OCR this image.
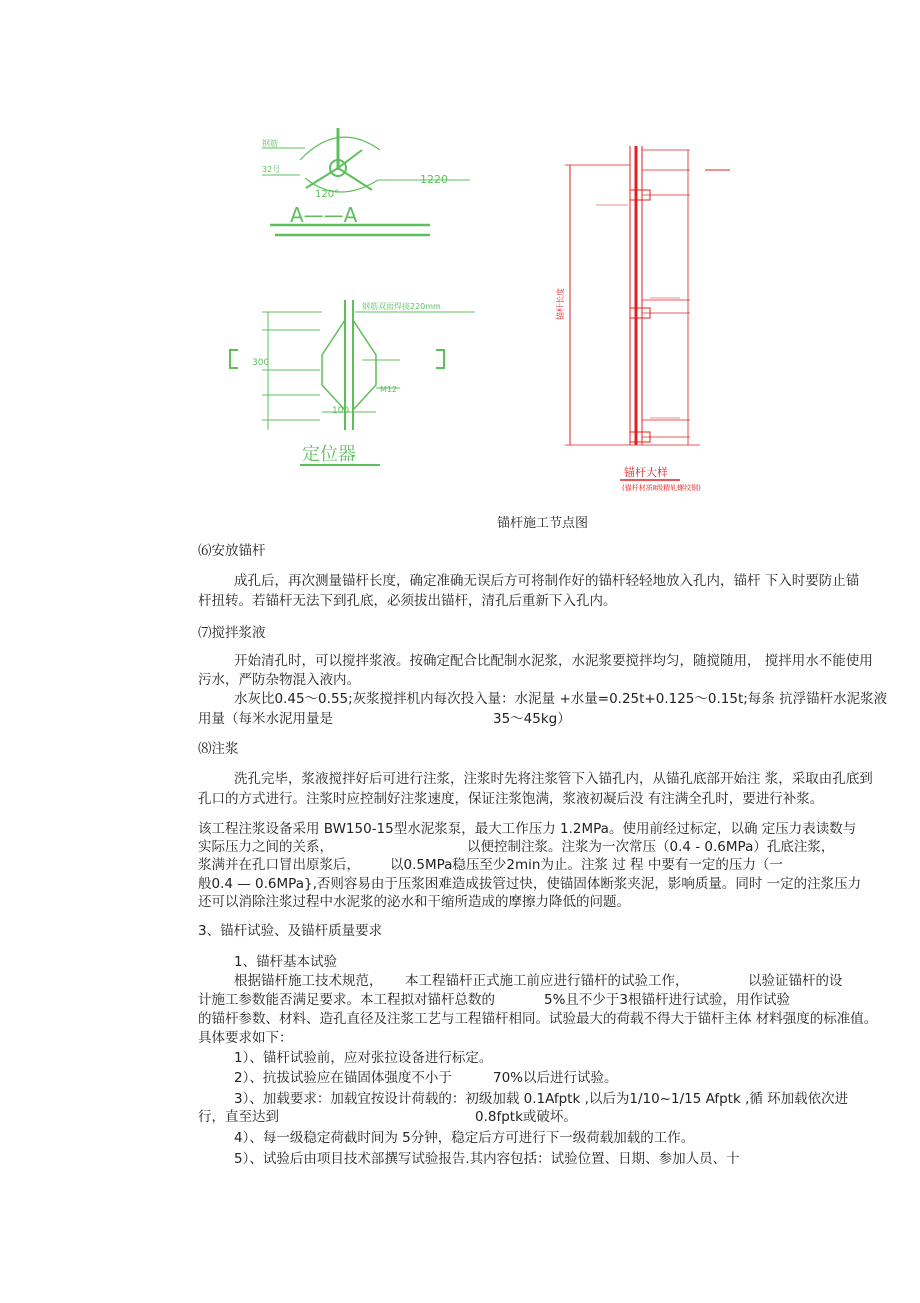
120°
1220
钢筋
32号
A——A
100
300
钢筋双面焊接220mm
M12
定位器
锚杆长度
锚杆大样
(锚杆材质Ⅱ级精轧螺纹钢)
锚杆施工节点图
⑹安放锚杆
成孔后，再次测量锚杆长度，确定准确无误后方可将制作好的锚杆轻轻地放入孔内，锚杆 下入时要防止锚
杆扭转。若锚杆无法下到孔底，必须拔出锚杆，清孔后重新下入孔内。
⑺搅拌浆液
开始清孔时，可以搅拌浆液。按确定配合比配制水泥浆，水泥浆要搅拌均匀，随搅随用， 搅拌用水不能使用
污水，严防杂物混入液内。
水灰比0.45～0.55;灰浆搅拌机内每次投入量：水泥量 +水量=0.25t+0.125～0.15t;每条 抗浮锚杆水泥浆液
用量（每米水泥用量是	35～45kg）
⑻注浆
洗孔完毕，浆液搅拌好后可进行注浆，注浆时先将注浆管下入锚孔内，从锚孔底部开始注 浆，采取由孔底到
孔口的方式进行。注浆时应控制好注浆速度，保证注浆饱满，浆液初凝后没 有注满全孔时，要进行补浆。
该工程注浆设备采用 BW150-15型水泥浆泵，最大工作压力 1.2MPa。使用前经过标定，以确 定压力表读数与
实际压力之间的关系，	以便控制注浆。注浆为一次常压（0.4 - 0.6MPa）孔底注浆，
浆满并在孔口冒出原浆后， 以0.5MPa稳压至少2min为止。注浆 过 程 中要有一定的压力（一
般0.4 — 0.6MPa},否则容易由于压浆困难造成拔管过快，使锚固体断浆夹泥，影响质量。同时 一定的注浆压力
还可以消除注浆过程中水泥浆的泌水和干缩所造成的摩擦力降低的问题。
3、锚杆试验、及锚杆质量要求
1、锚杆基本试验
根据锚杆施工技术规范， 本工程锚杆正式施工前应进行锚杆的试验工作，	以验证锚杆的设
计施工参数能否满足要求。本工程拟对锚杆总数的	5%且不少于3根锚杆进行试验，用作试验
的锚杆参数、材料、造孔直径及注浆工艺与工程锚杆相同。试验最大的荷载不得大于锚杆主体 材料强度的标准值。
具体要求如下：
1）、锚杆试验前，应对张拉设备进行标定。
2）、抗拔试验应在锚固体强度不小于	70%以后进行试验。
3）、加载要求：加载宜按设计荷载的：初级加载 0.1Afptk ,以后为1/10~1/15 Afptk ,循 环加载依次进
行，直至达到	0.8fptk或破坏。
4）、每一级稳定荷截时间为 5分钟，稳定后方可进行下一级荷载加载的工作。
5）、试验后由项目技术部撰写试验报告.其内容包括：试验位置、日期、参加人员、十
